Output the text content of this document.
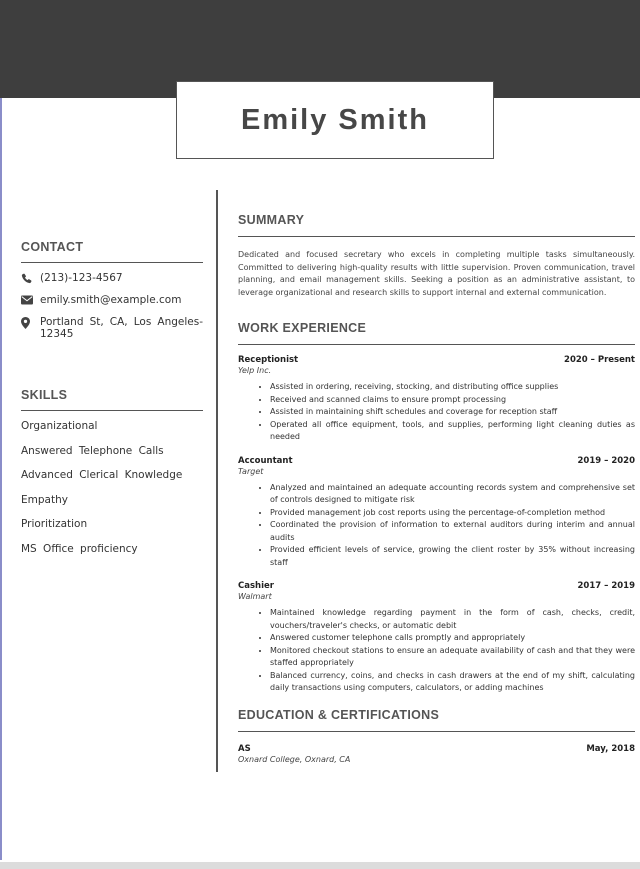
Emily Smith
CONTACT
(213)-123-4567
emily.smith@example.com
Portland St, CA, Los Angeles-12345
SKILLS
Organizational
Answered Telephone Calls
Advanced Clerical Knowledge
Empathy
Prioritization
MS Office proficiency
SUMMARY

Dedicated and focused secretary who excels in completing multiple tasks simultaneously. Committed to delivering high-quality results with little supervision. Proven communication, travel planning, and email management skills. Seeking a position as an administrative assistant, to leverage organizational and research skills to support internal and external communication.

WORK EXPERIENCE
Receptionist	2020 – Present
Yelp Inc.
• Assisted in ordering, receiving, stocking, and distributing office supplies
• Received and scanned claims to ensure prompt processing
• Assisted in maintaining shift schedules and coverage for reception staff
• Operated all office equipment, tools, and supplies, performing light cleaning duties as needed
Accountant	2019 – 2020
Target
• Analyzed and maintained an adequate accounting records system and comprehensive set of controls designed to mitigate risk
• Provided management job cost reports using the percentage-of-completion method
• Coordinated the provision of information to external auditors during interim and annual audits
• Provided efficient levels of service, growing the client roster by 35% without increasing staff
Cashier	2017 – 2019
Walmart
• Maintained knowledge regarding payment in the form of cash, checks, credit, vouchers/traveler's checks, or automatic debit
• Answered customer telephone calls promptly and appropriately
• Monitored checkout stations to ensure an adequate availability of cash and that they were staffed appropriately
• Balanced currency, coins, and checks in cash drawers at the end of my shift, calculating daily transactions using computers, calculators, or adding machines
EDUCATION & CERTIFICATIONS
AS	May, 2018
Oxnard College, Oxnard, CA
